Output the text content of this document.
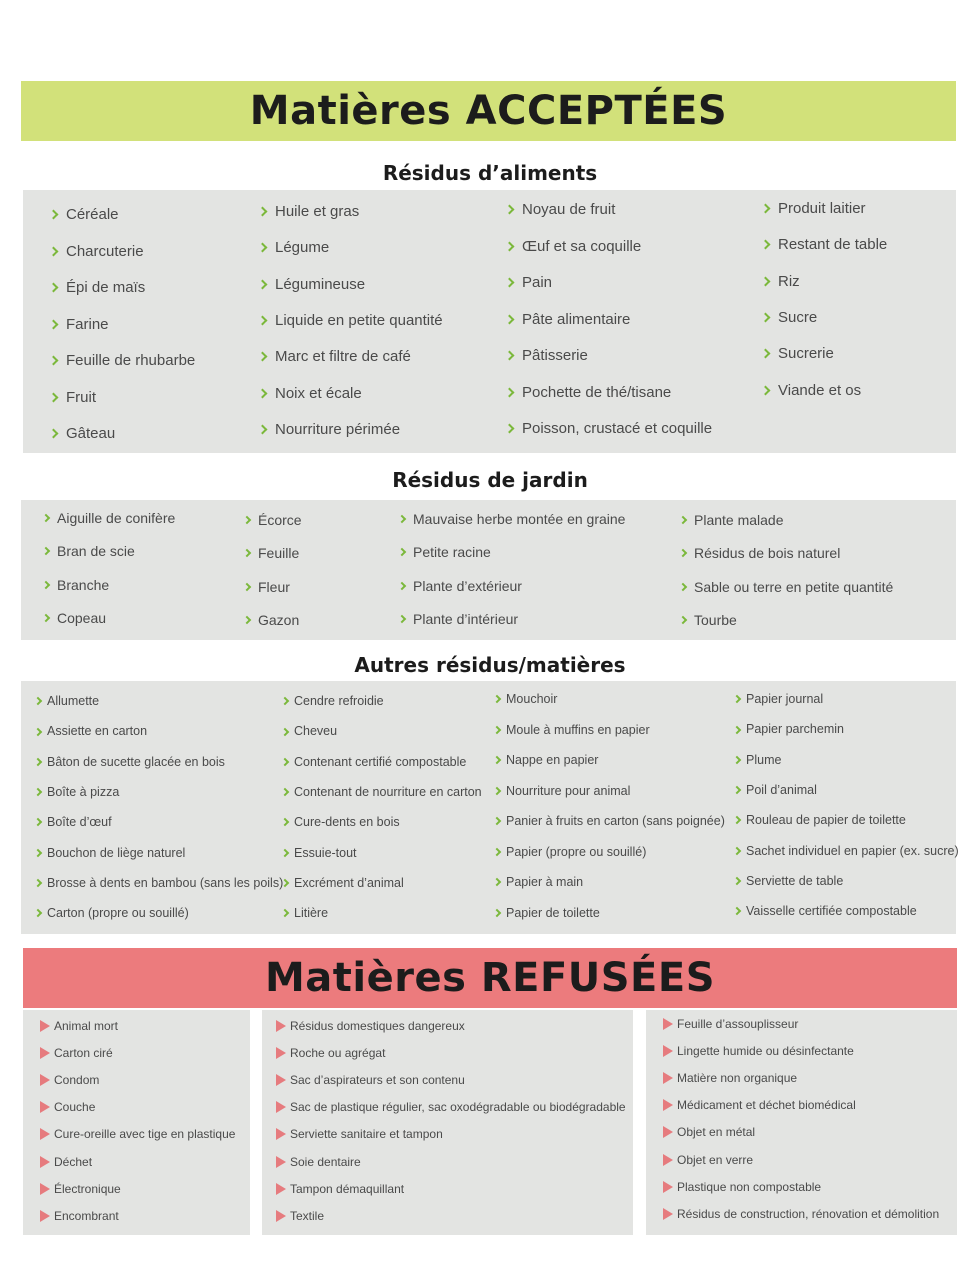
Matières ACCEPTÉES
Résidus d’aliments
Céréale
Charcuterie
Épi de maïs
Farine
Feuille de rhubarbe
Fruit
Gâteau
Huile et gras
Légume
Légumineuse
Liquide en petite quantité
Marc et filtre de café
Noix et écale
Nourriture périmée
Noyau de fruit
Œuf et sa coquille
Pain
Pâte alimentaire
Pâtisserie
Pochette de thé/tisane
Poisson, crustacé et coquille
Produit laitier
Restant de table
Riz
Sucre
Sucrerie
Viande et os
Résidus de jardin
Aiguille de conifère
Bran de scie
Branche
Copeau
Écorce
Feuille
Fleur
Gazon
Mauvaise herbe montée en graine
Petite racine
Plante d’extérieur
Plante d’intérieur
Plante malade
Résidus de bois naturel
Sable ou terre en petite quantité
Tourbe
Autres résidus/matières
Allumette
Assiette en carton
Bâton de sucette glacée en bois
Boîte à pizza
Boîte d’œuf
Bouchon de liège naturel
Brosse à dents en bambou (sans les poils)
Carton (propre ou souillé)
Cendre refroidie
Cheveu
Contenant certifié compostable
Contenant de nourriture en carton
Cure-dents en bois
Essuie-tout
Excrément d’animal
Litière
Mouchoir
Moule à muffins en papier
Nappe en papier
Nourriture pour animal
Panier à fruits en carton (sans poignée)
Papier (propre ou souillé)
Papier à main
Papier de toilette
Papier journal
Papier parchemin
Plume
Poil d’animal
Rouleau de papier de toilette
Sachet individuel en papier (ex. sucre)
Serviette de table
Vaisselle certifiée compostable
Matières REFUSÉES
Animal mort
Carton ciré
Condom
Couche
Cure-oreille avec tige en plastique
Déchet
Électronique
Encombrant
Résidus domestiques dangereux
Roche ou agrégat
Sac d’aspirateurs et son contenu
Sac de plastique régulier, sac oxodégradable ou biodégradable
Serviette sanitaire et tampon
Soie dentaire
Tampon démaquillant
Textile
Feuille d’assouplisseur
Lingette humide ou désinfectante
Matière non organique
Médicament et déchet biomédical
Objet en métal
Objet en verre
Plastique non compostable
Résidus de construction, rénovation et démolition
